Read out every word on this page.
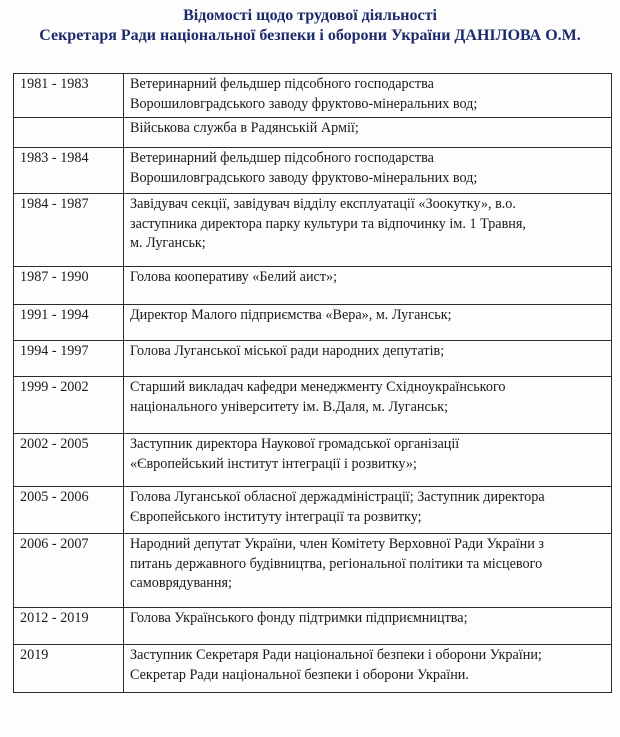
Відомості щодо трудової діяльності
Секретаря Ради національної безпеки і оборони України ДАНІЛОВА О.М.
1981 - 1983	Ветеринарний фельдшер підсобного господарства
Ворошиловградського заводу фруктово-мінеральних вод;

	Військова служба в Радянській Армії;

1983 - 1984	Ветеринарний фельдшер підсобного господарства
Ворошиловградського заводу фруктово-мінеральних вод;

1984 - 1987	Завідувач секції, завідувач відділу експлуатації «Зоокутку», в.о.
заступника директора парку культури та відпочинку ім. 1 Травня,
м. Луганськ;

1987 - 1990	Голова кооперативу «Белий аист»;

1991 - 1994	Директор Малого підприємства «Вера», м. Луганськ;

1994 - 1997	Голова Луганської міської ради народних депутатів;

1999 - 2002	Старший викладач кафедри менеджменту Східноукраїнського
національного університету ім. В.Даля, м. Луганськ;

2002 - 2005	Заступник директора Наукової громадської організації
«Європейський інститут інтеграції і розвитку»;

2005 - 2006	Голова Луганської обласної держадміністрації; Заступник директора
Європейського інституту інтеграції та розвитку;

2006 - 2007	Народний депутат України, член Комітету Верховної Ради України з
питань державного будівництва, регіональної політики та місцевого
самоврядування;

2012 - 2019	Голова Українського фонду підтримки підприємництва;

2019	Заступник Секретаря Ради національної безпеки і оборони України;
Секретар Ради національної безпеки і оборони України.
